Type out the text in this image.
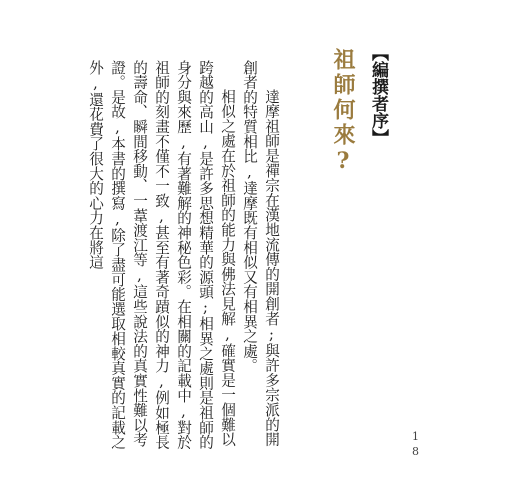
【編撰者序】
祖師何來?

達摩祖師是禪宗在漢地流傳的開創者;與許多宗派的開創者的特質相比,達摩既有相似又有相異之處。

相似之處在於祖師的能力與佛法見解,確實是一個難以跨越的高山,是許多思想精華的源頭;相異之處則是祖師的身分與來歷,有著難解的神秘色彩。在相關的記載中,對於祖師的刻畫不僅不一致,甚至有著奇蹟似的神力,例如極長的壽命、瞬間移動、一葦渡江等,這些說法的真實性難以考證。是故,本書的撰寫,除了盡可能選取相較真實的記載之外,還花費了很大的心力在將這

18
